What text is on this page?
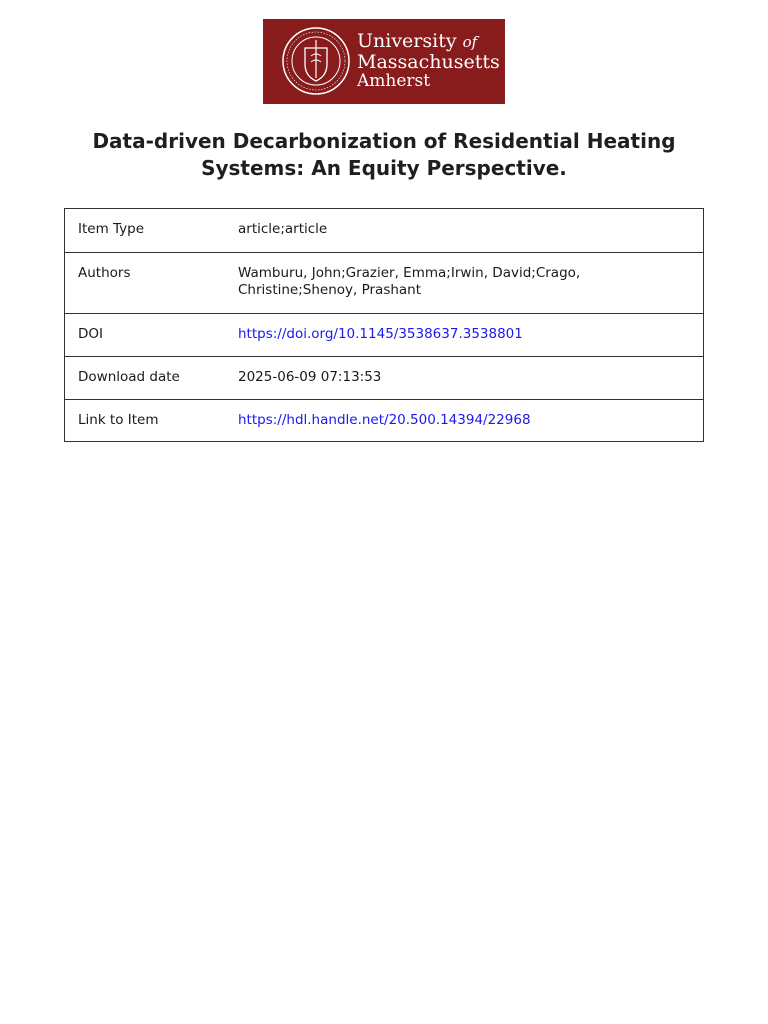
University of
Massachusetts
Amherst
Data-driven Decarbonization of Residential Heating Systems: An Equity Perspective.
Item Type	article;article
Authors	Wamburu, John;Grazier, Emma;Irwin, David;Crago, Christine;Shenoy, Prashant
DOI	https://doi.org/10.1145/3538637.3538801
Download date	2025-06-09 07:13:53
Link to Item	https://hdl.handle.net/20.500.14394/22968
